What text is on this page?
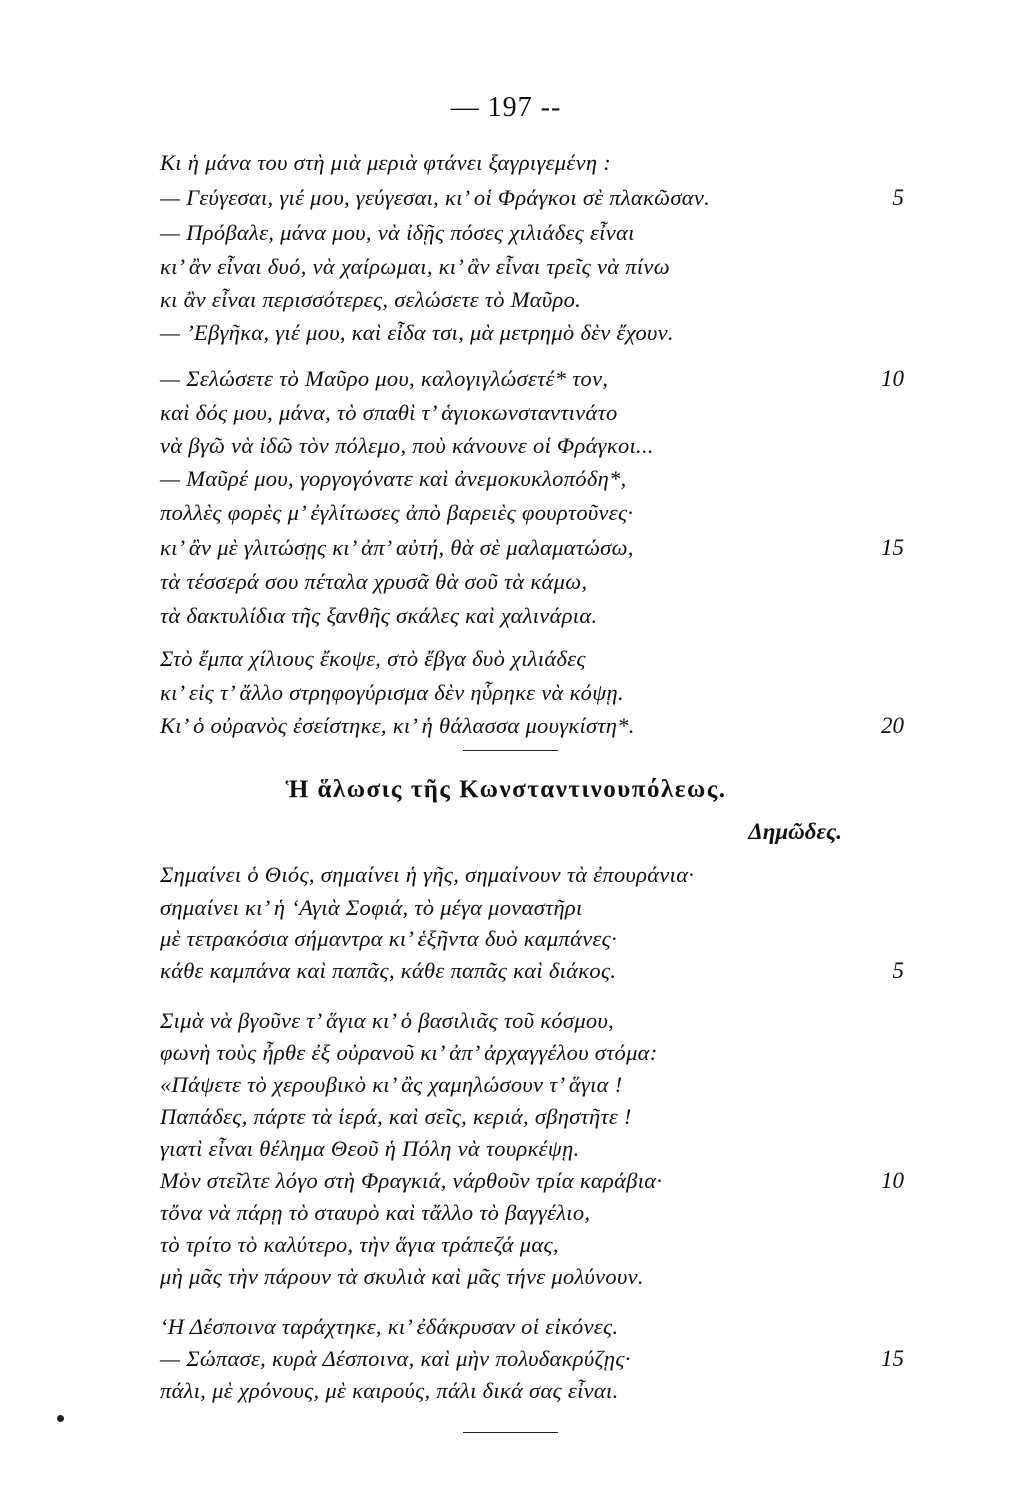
— 197 --
Κι ἡ μάνα του στὴ μιὰ μεριὰ φτάνει ξαγριγεμένη :
— Γεύγεσαι, γιέ μου, γεύγεσαι, κι’ οἱ Φράγκοι σὲ πλακῶσαν.	5
— Πρόβαλε, μάνα μου, νὰ ἰδῇς πόσες χιλιάδες εἶναι
κι’ ἂν εἶναι δυό, νὰ χαίρωμαι, κι’ ἂν εἶναι τρεῖς νὰ πίνω
κι ἂν εἶναι περισσότερες, σελώσετε τὸ Μαῦρο.
— ’Εβγῆκα, γιέ μου, καὶ εἶδα τσι, μὰ μετρημὸ δὲν ἔχουν.
— Σελώσετε τὸ Μαῦρο μου, καλογιγλώσετέ* τον,	10
καὶ δός μου, μάνα, τὸ σπαθὶ τ’ ἁγιοκωνσταντινάτο
νὰ βγῶ νὰ ἰδῶ τὸν πόλεμο, ποὺ κάνουνε οἱ Φράγκοι...
— Μαῦρέ μου, γοργογόνατε καὶ ἀνεμοκυκλοπόδη*,
πολλὲς φορὲς μ’ ἐγλίτωσες ἀπὸ βαρειὲς φουρτοῦνες·
κι’ ἂν μὲ γλιτώσῃς κι’ ἀπ’ αὐτή, θὰ σὲ μαλαματώσω,	15
τὰ τέσσερά σου πέταλα χρυσᾶ θὰ σοῦ τὰ κάμω,
τὰ δακτυλίδια τῆς ξανθῆς σκάλες καὶ χαλινάρια.
Στὸ ἔμπα χίλιους ἔκοψε, στὸ ἔβγα δυὸ χιλιάδες
κι’ εἰς τ’ ἄλλο στρηφογύρισμα δὲν ηὗρηκε νὰ κόψῃ.
Κι’ ὁ οὐρανὸς ἐσείστηκε, κι’ ἡ θάλασσα μουγκίστη*.	20
Ἡ ἅλωσις τῆς Κωνσταντινουπόλεως.
Δημῶδες.
Σημαίνει ὁ Θιός, σημαίνει ἡ γῆς, σημαίνουν τὰ ἐπουράνια·
σημαίνει κι’ ἡ ‘Αγιὰ Σοφιά, τὸ μέγα μοναστῆρι
μὲ τετρακόσια σήμαντρα κι’ ἑξῆντα δυὸ καμπάνες·
κάθε καμπάνα καὶ παπᾶς, κάθε παπᾶς καὶ διάκος.	5
Σιμὰ νὰ βγοῦνε τ’ ἅγια κι’ ὁ βασιλιᾶς τοῦ κόσμου,
φωνὴ τοὺς ἦρθε ἐξ οὐρανοῦ κι’ ἀπ’ ἀρχαγγέλου στόμα:
«Πάψετε τὸ χερουβικὸ κι’ ἂς χαμηλώσουν τ’ ἅγια !
Παπάδες, πάρτε τὰ ἱερά, καὶ σεῖς, κεριά, σβηστῆτε !
γιατὶ εἶναι θέλημα Θεοῦ ἡ Πόλη νὰ τουρκέψῃ.
Μὸν στεῖλτε λόγο στὴ Φραγκιά, νάρθοῦν τρία καράβια·	10
τὄνα νὰ πάρῃ τὸ σταυρὸ καὶ τἄλλο τὸ βαγγέλιο,
τὸ τρίτο τὸ καλύτερο, τὴν ἅγια τράπεζά μας,
μὴ μᾶς τὴν πάρουν τὰ σκυλιὰ καὶ μᾶς τήνε μολύνουν.
‘Η Δέσποινα ταράχτηκε, κι’ ἐδάκρυσαν οἱ εἰκόνες.
— Σώπασε, κυρὰ Δέσποινα, καὶ μὴν πολυδακρύζῃς·	15
πάλι, μὲ χρόνους, μὲ καιρούς, πάλι δικά σας εἶναι.
